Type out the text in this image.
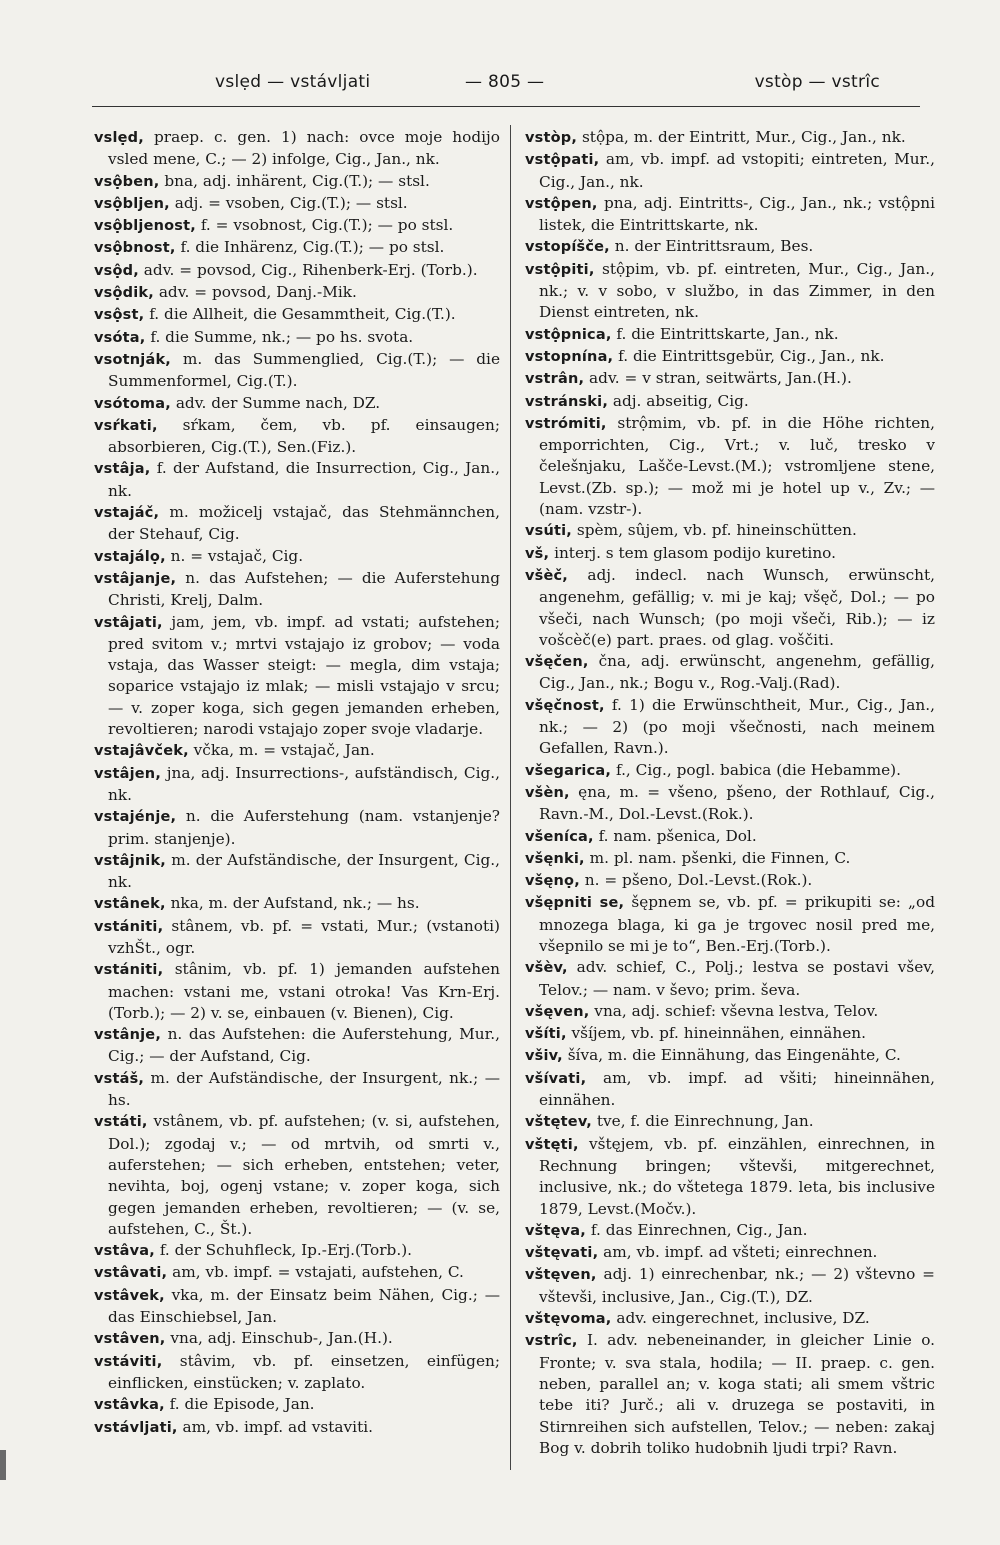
vslẹd — vstávljati	— 805 —	vstòp — vstrîc

vslẹd, praep. c. gen. 1) nach: ovce moje hodijo vsled mene, C.; — 2) infolge, Cig., Jan., nk.

vsộben, bna, adj. inhärent, Cig.(T.); — stsl.

vsộbljen, adj. = vsoben, Cig.(T.); — stsl.

vsộbljenost, f. = vsobnost, Cig.(T.); — po stsl.

vsộbnost, f. die Inhärenz, Cig.(T.); — po stsl.

vsộd, adv. = povsod, Cig., Rihenberk-Erj. (Torb.).

vsộdik, adv. = povsod, Danj.-Mik.

vsộst, f. die Allheit, die Gesammtheit, Cig.(T.).

vsóta, f. die Summe, nk.; — po hs. svota.

vsotnják, m. das Summenglied, Cig.(T.); — die Summenformel, Cig.(T.).

vsótoma, adv. der Summe nach, DZ.

vsŕkati, sŕkam, čem, vb. pf. einsaugen; absorbieren, Cig.(T.), Sen.(Fiz.).

vstâja, f. der Aufstand, die Insurrection, Cig., Jan., nk.

vstajáč, m. možicelj vstajač, das Stehmännchen, der Stehauf, Cig.

vstajálọ, n. = vstajač, Cig.

vstâjanje, n. das Aufstehen; — die Auferstehung Christi, Krelj, Dalm.

vstâjati, jam, jem, vb. impf. ad vstati; aufstehen; pred svitom v.; mrtvi vstajajo iz grobov; — voda vstaja, das Wasser steigt: — megla, dim vstaja; soparice vstajajo iz mlak; — misli vstajajo v srcu; — v. zoper koga, sich gegen jemanden erheben, revoltieren; narodi vstajajo zoper svoje vladarje.

vstajâvček, včka, m. = vstajač, Jan.

vstâjen, jna, adj. Insurrections-, aufständisch, Cig., nk.

vstajénje, n. die Auferstehung (nam. vstanjenje? prim. stanjenje).

vstâjnik, m. der Aufständische, der Insurgent, Cig., nk.

vstânek, nka, m. der Aufstand, nk.; — hs.

vstániti, stânem, vb. pf. = vstati, Mur.; (vstanoti) vzhŠt., ogr.

vstániti, stânim, vb. pf. 1) jemanden aufstehen machen: vstani me, vstani otroka! Vas Krn-Erj.(Torb.); — 2) v. se, einbauen (v. Bienen), Cig.

vstânje, n. das Aufstehen: die Auferstehung, Mur., Cig.; — der Aufstand, Cig.

vstáš, m. der Aufständische, der Insurgent, nk.; — hs.

vstáti, vstânem, vb. pf. aufstehen; (v. si, aufstehen, Dol.); zgodaj v.; — od mrtvih, od smrti v., auferstehen; — sich erheben, entstehen; veter, nevihta, boj, ogenj vstane; v. zoper koga, sich gegen jemanden erheben, revoltieren; — (v. se, aufstehen, C., Št.).

vstâva, f. der Schuhfleck, Ip.-Erj.(Torb.).

vstâvati, am, vb. impf. = vstajati, aufstehen, C.

vstâvek, vka, m. der Einsatz beim Nähen, Cig.; — das Einschiebsel, Jan.

vstâven, vna, adj. Einschub-, Jan.(H.).

vstáviti, stâvim, vb. pf. einsetzen, einfügen; einflicken, einstücken; v. zaplato.

vstâvka, f. die Episode, Jan.

vstávljati, am, vb. impf. ad vstaviti.

vstòp, stộpa, m. der Eintritt, Mur., Cig., Jan., nk.

vstộpati, am, vb. impf. ad vstopiti; eintreten, Mur., Cig., Jan., nk.

vstộpen, pna, adj. Eintritts-, Cig., Jan., nk.; vstộpni listek, die Eintrittskarte, nk.

vstopíšče, n. der Eintrittsraum, Bes.

vstộpiti, stộpim, vb. pf. eintreten, Mur., Cig., Jan., nk.; v. v sobo, v službo, in das Zimmer, in den Dienst eintreten, nk.

vstộpnica, f. die Eintrittskarte, Jan., nk.

vstopnína, f. die Eintrittsgebür, Cig., Jan., nk.

vstrân, adv. = v stran, seitwärts, Jan.(H.).

vstránski, adj. abseitig, Cig.

vstrómiti, strộmim, vb. pf. in die Höhe richten, emporrichten, Cig., Vrt.; v. luč, tresko v čelešnjaku, Lašče-Levst.(M.); vstromljene stene, Levst.(Zb. sp.); — mož mi je hotel up v., Zv.; — (nam. vzstr-).

vsúti, spèm, sûjem, vb. pf. hineinschütten.

vš, interj. s tem glasom podijo kuretino.

všèč, adj. indecl. nach Wunsch, erwünscht, angenehm, gefällig; v. mi je kaj; všęč, Dol.; — po všeči, nach Wunsch; (po moji všeči, Rib.); — iz vošcèč(e) part. praes. od glag. voščiti.

všęčen, čna, adj. erwünscht, angenehm, gefällig, Cig., Jan., nk.; Bogu v., Rog.-Valj.(Rad).

všęčnost, f. 1) die Erwünschtheit, Mur., Cig., Jan., nk.; — 2) (po moji všečnosti, nach meinem Gefallen, Ravn.).

všegarica, f., Cig., pogl. babica (die Hebamme).

všèn, ęna, m. = všeno, pšeno, der Rothlauf, Cig., Ravn.-M., Dol.-Levst.(Rok.).

všeníca, f. nam. pšenica, Dol.

všęnki, m. pl. nam. pšenki, die Finnen, C.

všęnọ, n. = pšeno, Dol.-Levst.(Rok.).

všępniti se, šępnem se, vb. pf. = prikupiti se: „od mnozega blaga, ki ga je trgovec nosil pred me, všepnilo se mi je to“, Ben.-Erj.(Torb.).

všèv, adv. schief, C., Polj.; lestva se postavi všev, Telov.; — nam. v ševo; prim. ševa.

všęven, vna, adj. schief: vševna lestva, Telov.

všíti, všíjem, vb. pf. hineinnähen, einnähen.

všiv, šíva, m. die Einnähung, das Eingenähte, C.

všívati, am, vb. impf. ad všiti; hineinnähen, einnähen.

vštętev, tve, f. die Einrechnung, Jan.

vštęti, vštęjem, vb. pf. einzählen, einrechnen, in Rechnung bringen; vštevši, mitgerechnet, inclusive, nk.; do vštetega 1879. leta, bis inclusive 1879, Levst.(Močv.).

vštęva, f. das Einrechnen, Cig., Jan.

vštęvati, am, vb. impf. ad všteti; einrechnen.

vštęven, adj. 1) einrechenbar, nk.; — 2) vštevno = vštevši, inclusive, Jan., Cig.(T.), DZ.

vštęvoma, adv. eingerechnet, inclusive, DZ.

vstrîc, I. adv. nebeneinander, in gleicher Linie o. Fronte; v. sva stala, hodila; — II. praep. c. gen. neben, parallel an; v. koga stati; ali smem vštric tebe iti? Jurč.; ali v. druzega se postaviti, in Stirnreihen sich aufstellen, Telov.; — neben: zakaj Bog v. dobrih toliko hudobnih ljudi trpi? Ravn.
